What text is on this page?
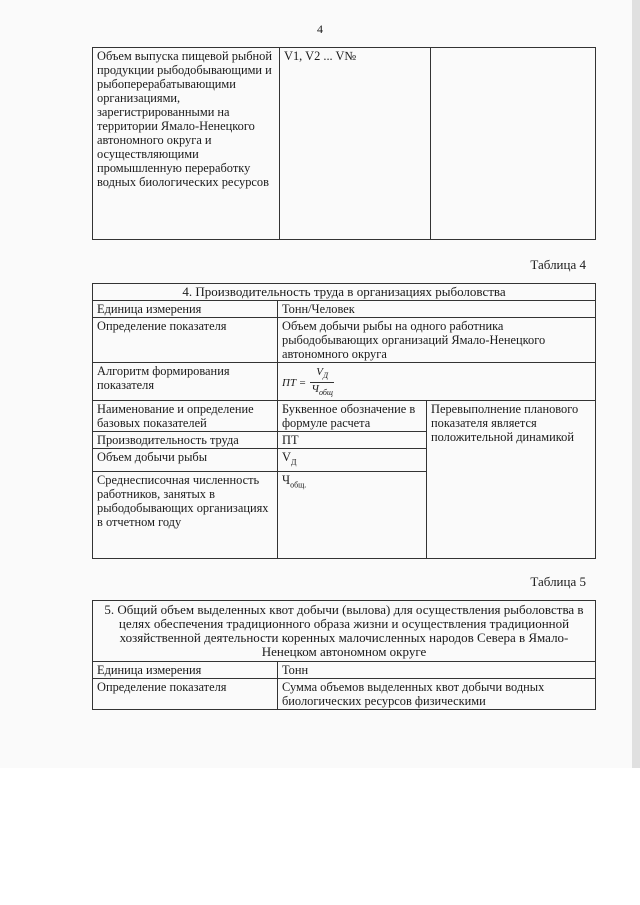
4
Объем выпуска пищевой рыбной продукции рыбодобывающими и рыбоперерабатывающими организациями, зарегистрированными на территории Ямало-Ненецкого автономного округа и осуществляющими промышленную переработку водных биологических ресурсов	V1, V2 ... V№	
Таблица 4
4. Производительность труда в организациях рыболовства		
Единица измерения	Тонн/Человек	
Определение показателя	Объем добычи рыбы на одного работника рыбодобывающих организаций Ямало-Ненецкого автономного округа	
Алгоритм формирования показателя	ПТ = $\frac{V_Д}{Ч_{общ}}$

Наименование и определение базовых показателей	Буквенное обозначение в формуле расчета	Перевыполнение планового показателя является положительной динамикой
Производительность труда	ПТ	
Объем добычи рыбы	$V_Д$
Среднесписочная численность работников, занятых в рыбодобывающих организациях в отчетном году	$Ч_{общ.}$
Таблица 5
5. Общий объем выделенных квот добычи (вылова) для осуществления рыболовства в целях обеспечения традиционного образа жизни и осуществления традиционной хозяйственной деятельности коренных малочисленных народов Севера в Ямало-Ненецком автономном округе	
Единица измерения	Тонн
Определение показателя	Сумма объемов выделенных квот добычи водных биологических ресурсов физическими
